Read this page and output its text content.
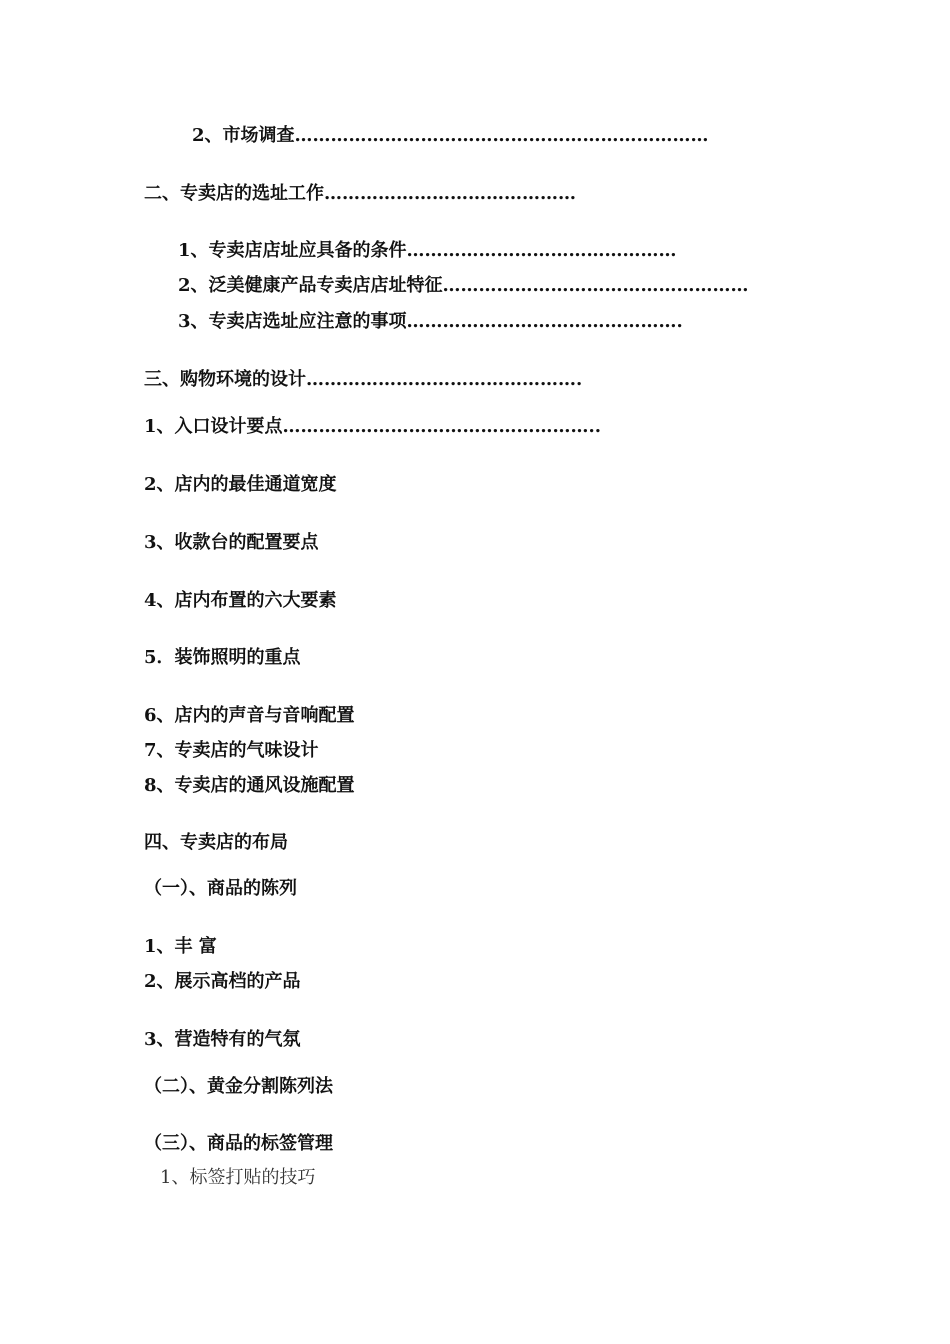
2、市场调查……………………………………………………………
二、专卖店的选址工作……………………………………
1、专卖店店址应具备的条件………………………………………
2、泛美健康产品专卖店店址特征……………………………………………
3、专卖店选址应注意的事项……………………………………….
三、购物环境的设计……………………………………….
1、入口设计要点……………………………………………..
2、店内的最佳通道宽度
3、收款台的配置要点
4、店内布置的六大要素
5．装饰照明的重点
6、店内的声音与音响配置
7、专卖店的气味设计
8、专卖店的通风设施配置
四、专卖店的布局
（一）、商品的陈列
1、丰 富
2、展示高档的产品
3、营造特有的气氛
（二）、黄金分割陈列法
（三）、商品的标签管理
1、标签打贴的技巧
